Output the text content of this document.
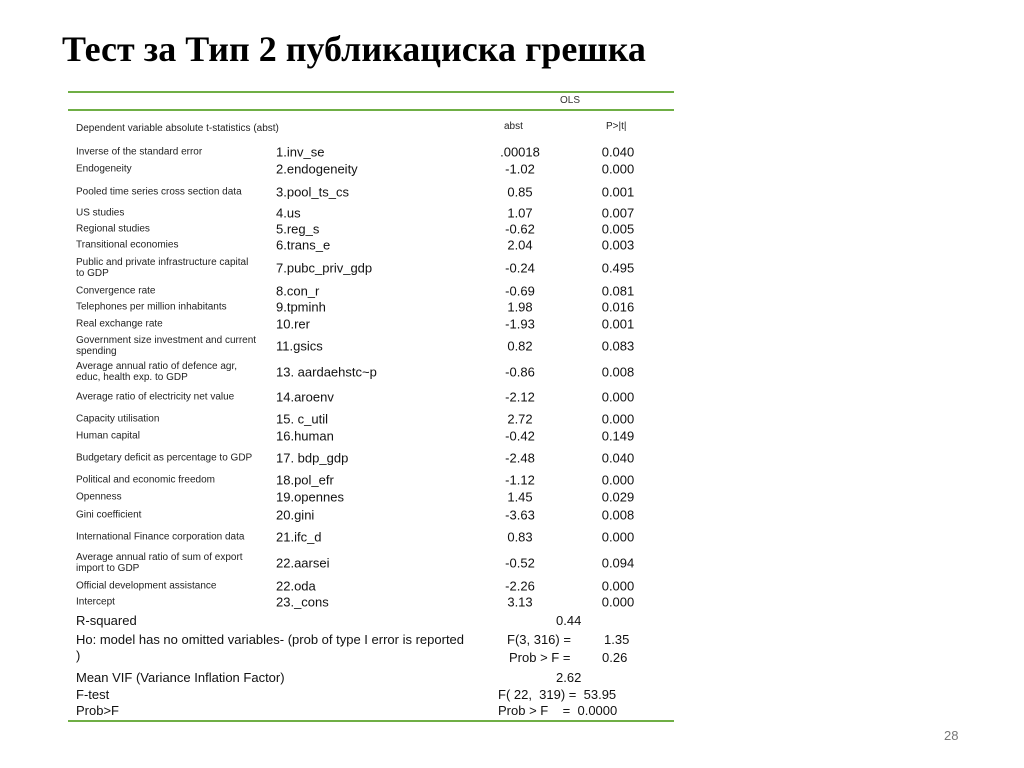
Тест за Тип 2 публикациска грешка
OLS
Dependent variable absolute t-statistics (abst)	abst	P>|t|
R-squared	0.44
Ho: model has no omitted variables- (prob of type I error is reported )
F(3, 316) =	1.35
Prob > F = 0.26
Mean VIF (Variance Inflation Factor)	2.62
F-test	F( 22,  319) =  53.95
Prob>F	Prob > F    =  0.0000
Inverse of the standard error	1.inv_se	.00018	0.040
Endogeneity	2.endogeneity	-1.02	0.000
Pooled time series cross section data	3.pool_ts_cs	0.85	0.001
US studies	4.us	1.07	0.007
Regional studies	5.reg_s	-0.62	0.005
Transitional economies	6.trans_e	2.04	0.003
Public and private infrastructure capital to GDP	7.pubc_priv_gdp	-0.24	0.495
Convergence rate	8.con_r	-0.69	0.081
Telephones per million inhabitants	9.tpminh	1.98	0.016
Real exchange rate	10.rer	-1.93	0.001
Government size investment and current spending	11.gsics	0.82	0.083
Average annual ratio of defence agr, educ, health exp. to GDP	13. aardaehstc~p	-0.86	0.008
Average ratio of electricity net value	14.aroenv	-2.12	0.000
Capacity utilisation	15. c_util	2.72	0.000
Human capital	16.human	-0.42	0.149
Budgetary deficit as percentage to GDP	17. bdp_gdp	-2.48	0.040
Political and economic freedom	18.pol_efr	-1.12	0.000
Openness	19.opennes	1.45	0.029
Gini coefficient	20.gini	-3.63	0.008
International Finance corporation data	21.ifc_d	0.83	0.000
Average annual ratio of sum of export import to GDP	22.aarsei	-0.52	0.094
Official development assistance	22.oda	-2.26	0.000
Intercept	23._cons	3.13	0.000
28
